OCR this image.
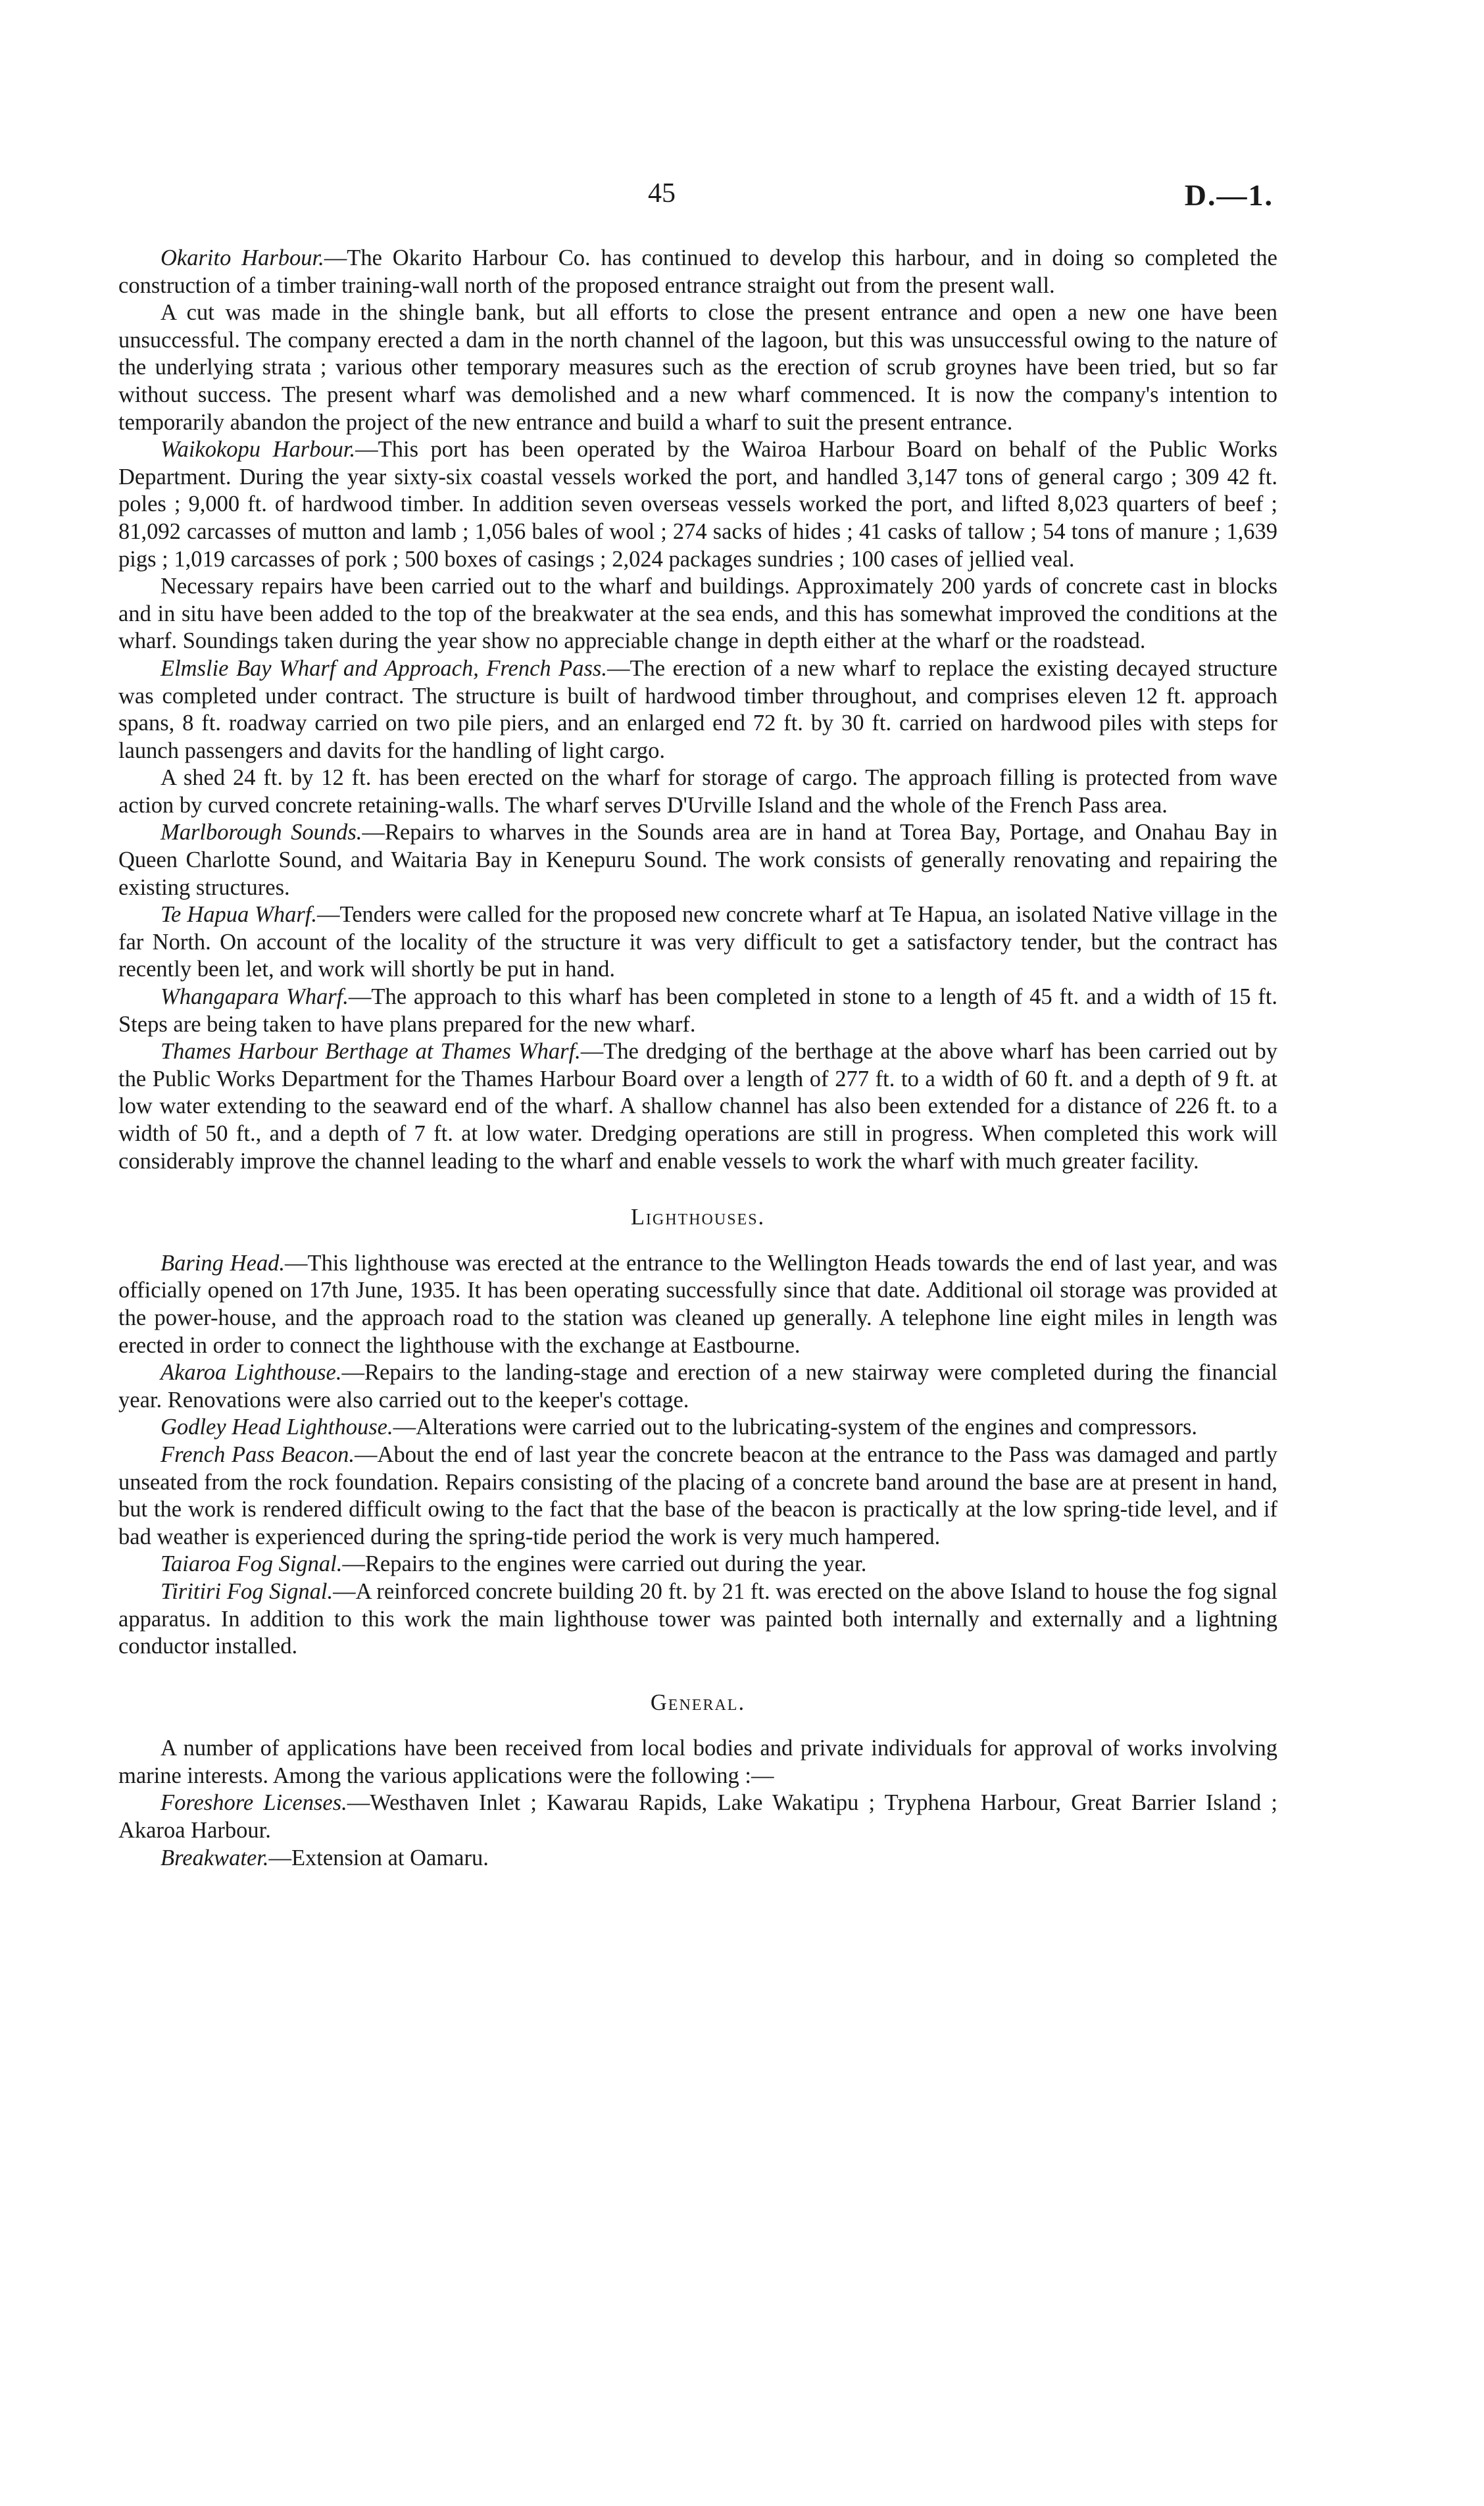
45	D.—1.

Okarito Harbour.—The Okarito Harbour Co. has continued to develop this harbour, and in doing so completed the construction of a timber training-wall north of the proposed entrance straight out from the present wall.

A cut was made in the shingle bank, but all efforts to close the present entrance and open a new one have been unsuccessful. The company erected a dam in the north channel of the lagoon, but this was unsuccessful owing to the nature of the underlying strata ; various other temporary measures such as the erection of scrub groynes have been tried, but so far without success. The present wharf was demolished and a new wharf commenced. It is now the company's intention to temporarily abandon the project of the new entrance and build a wharf to suit the present entrance.

Waikokopu Harbour.—This port has been operated by the Wairoa Harbour Board on behalf of the Public Works Department. During the year sixty-six coastal vessels worked the port, and handled 3,147 tons of general cargo ; 309 42 ft. poles ; 9,000 ft. of hardwood timber. In addition seven overseas vessels worked the port, and lifted 8,023 quarters of beef ; 81,092 carcasses of mutton and lamb ; 1,056 bales of wool ; 274 sacks of hides ; 41 casks of tallow ; 54 tons of manure ; 1,639 pigs ; 1,019 carcasses of pork ; 500 boxes of casings ; 2,024 packages sundries ; 100 cases of jellied veal.

Necessary repairs have been carried out to the wharf and buildings. Approximately 200 yards of concrete cast in blocks and in situ have been added to the top of the breakwater at the sea ends, and this has somewhat improved the conditions at the wharf. Soundings taken during the year show no appreciable change in depth either at the wharf or the roadstead.

Elmslie Bay Wharf and Approach, French Pass.—The erection of a new wharf to replace the existing decayed structure was completed under contract. The structure is built of hardwood timber throughout, and comprises eleven 12 ft. approach spans, 8 ft. roadway carried on two pile piers, and an enlarged end 72 ft. by 30 ft. carried on hardwood piles with steps for launch passengers and davits for the handling of light cargo.

A shed 24 ft. by 12 ft. has been erected on the wharf for storage of cargo. The approach filling is protected from wave action by curved concrete retaining-walls. The wharf serves D'Urville Island and the whole of the French Pass area.

Marlborough Sounds.—Repairs to wharves in the Sounds area are in hand at Torea Bay, Portage, and Onahau Bay in Queen Charlotte Sound, and Waitaria Bay in Kenepuru Sound. The work consists of generally renovating and repairing the existing structures.

Te Hapua Wharf.—Tenders were called for the proposed new concrete wharf at Te Hapua, an isolated Native village in the far North. On account of the locality of the structure it was very difficult to get a satisfactory tender, but the contract has recently been let, and work will shortly be put in hand.

Whangapara Wharf.—The approach to this wharf has been completed in stone to a length of 45 ft. and a width of 15 ft. Steps are being taken to have plans prepared for the new wharf.

Thames Harbour Berthage at Thames Wharf.—The dredging of the berthage at the above wharf has been carried out by the Public Works Department for the Thames Harbour Board over a length of 277 ft. to a width of 60 ft. and a depth of 9 ft. at low water extending to the seaward end of the wharf. A shallow channel has also been extended for a distance of 226 ft. to a width of 50 ft., and a depth of 7 ft. at low water. Dredging operations are still in progress. When completed this work will considerably improve the channel leading to the wharf and enable vessels to work the wharf with much greater facility.

Lighthouses.

Baring Head.—This lighthouse was erected at the entrance to the Wellington Heads towards the end of last year, and was officially opened on 17th June, 1935. It has been operating successfully since that date. Additional oil storage was provided at the power-house, and the approach road to the station was cleaned up generally. A telephone line eight miles in length was erected in order to connect the lighthouse with the exchange at Eastbourne.

Akaroa Lighthouse.—Repairs to the landing-stage and erection of a new stairway were completed during the financial year. Renovations were also carried out to the keeper's cottage.

Godley Head Lighthouse.—Alterations were carried out to the lubricating-system of the engines and compressors.

French Pass Beacon.—About the end of last year the concrete beacon at the entrance to the Pass was damaged and partly unseated from the rock foundation. Repairs consisting of the placing of a concrete band around the base are at present in hand, but the work is rendered difficult owing to the fact that the base of the beacon is practically at the low spring-tide level, and if bad weather is experienced during the spring-tide period the work is very much hampered.

Taiaroa Fog Signal.—Repairs to the engines were carried out during the year.

Tiritiri Fog Signal.—A reinforced concrete building 20 ft. by 21 ft. was erected on the above Island to house the fog signal apparatus. In addition to this work the main lighthouse tower was painted both internally and externally and a lightning conductor installed.

General.

A number of applications have been received from local bodies and private individuals for approval of works involving marine interests. Among the various applications were the following :—

Foreshore Licenses.—Westhaven Inlet ; Kawarau Rapids, Lake Wakatipu ; Tryphena Harbour, Great Barrier Island ; Akaroa Harbour.

Breakwater.—Extension at Oamaru.
